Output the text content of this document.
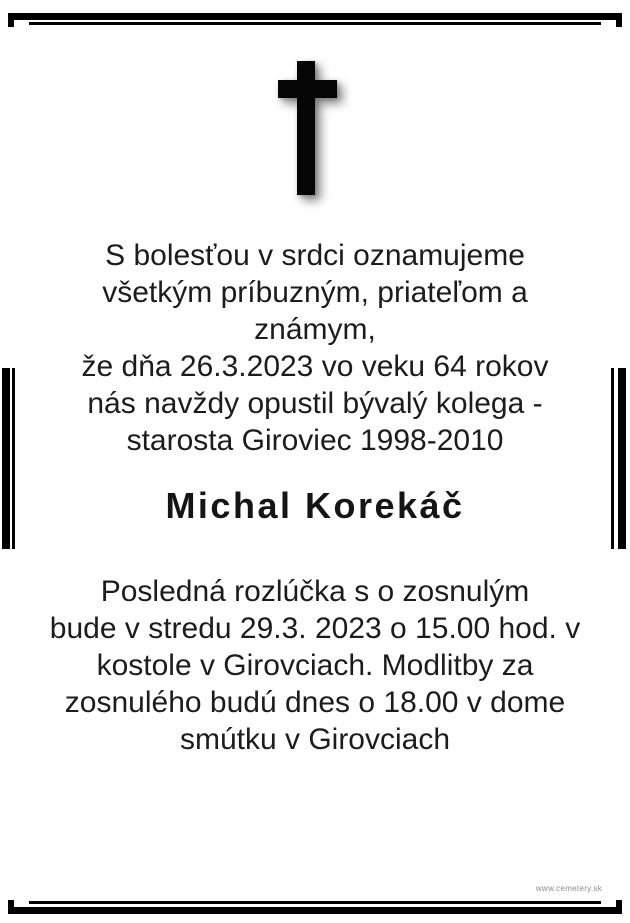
S bolesťou v srdci oznamujeme
všetkým príbuzným, priateľom a
známym,
že dňa 26.3.2023 vo veku 64 rokov
nás navždy opustil bývalý kolega -
starosta Giroviec 1998-2010
Michal Korekáč
Posledná rozlúčka s o zosnulým
bude v stredu 29.3. 2023 o 15.00 hod. v
kostole v Girovciach. Modlitby za
zosnulého budú dnes o 18.00 v dome
smútku v Girovciach
www.cemetery.sk
